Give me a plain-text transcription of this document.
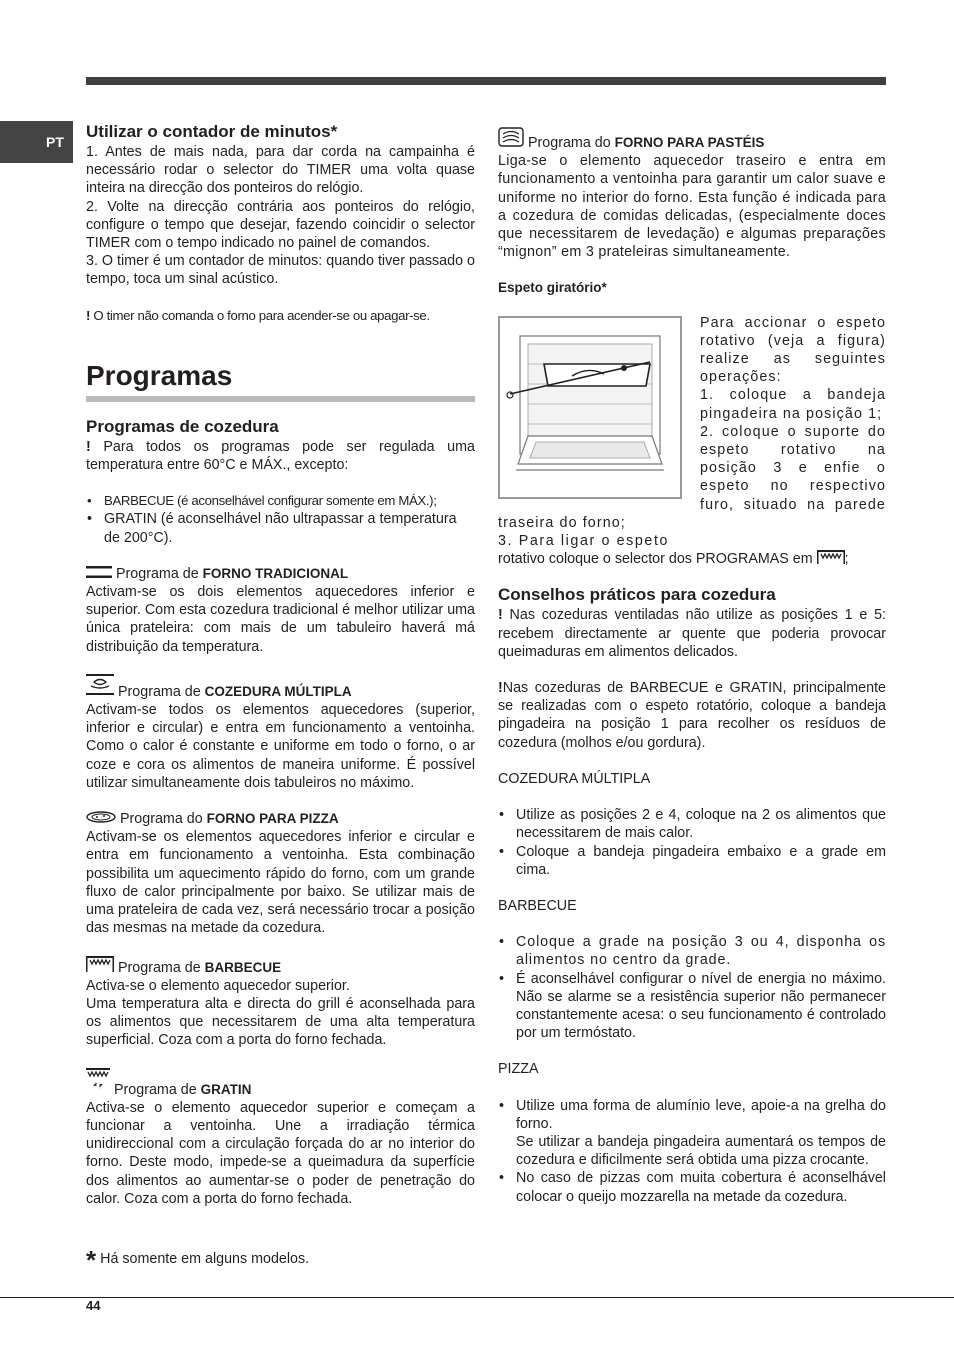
PT

Utilizar o contador de minutos*

1. Antes de mais nada, para dar corda na campainha é necessário rodar o selector do TIMER uma volta quase inteira na direcção dos ponteiros do relógio.

2. Volte na direcção contrária aos ponteiros do relógio, configure o tempo que desejar, fazendo coincidir o selector TIMER com o tempo indicado no painel de comandos.

3. O timer é um contador de minutos: quando tiver passado o tempo, toca um sinal acústico.

! O timer não comanda o forno para acender-se ou apagar-se.

Programas

Programas de cozedura

! Para todos os programas pode ser regulada uma temperatura entre 60°C e MÁX., excepto:

• BARBECUE (é aconselhável configurar somente em MÁX.);
• GRATIN (é aconselhável não ultrapassar a temperatura de 200°C).

Programa de FORNO TRADICIONAL

Activam-se os dois elementos aquecedores inferior e superior. Com esta cozedura tradicional é melhor utilizar uma única prateleira: com mais de um tabuleiro haverá má distribuição da temperatura.

Programa de COZEDURA MÚLTIPLA

Activam-se todos os elementos aquecedores (superior, inferior e circular) e entra em funcionamento a ventoinha. Como o calor é constante e uniforme em todo o forno, o ar coze e cora os alimentos de maneira uniforme. É possível utilizar simultaneamente dois tabuleiros no máximo.

Programa do FORNO PARA PIZZA

Activam-se os elementos aquecedores inferior e circular e entra em funcionamento a ventoinha. Esta combinação possibilita um aquecimento rápido do forno, com um grande fluxo de calor principalmente por baixo. Se utilizar mais de uma prateleira de cada vez, será necessário trocar a posição das mesmas na metade da cozedura.

Programa de BARBECUE

Activa-se o elemento aquecedor superior.

Uma temperatura alta e directa do grill é aconselhada para os alimentos que necessitarem de uma alta temperatura superficial. Coza com a porta do forno fechada.

Programa de GRATIN

Activa-se o elemento aquecedor superior e começam a funcionar a ventoinha. Une a irradiação térmica unidireccional com a circulação forçada do ar no interior do forno. Deste modo, impede-se a queimadura da superfície dos alimentos ao aumentar-se o poder de penetração do calor. Coza com a porta do forno fechada.

Programa do FORNO PARA PASTÉIS

Liga-se o elemento aquecedor traseiro e entra em funcionamento a ventoinha para garantir um calor suave e uniforme no interior do forno. Esta função é indicada para a cozedura de comidas delicadas, (especialmente doces que necessitarem de levedação) e algumas preparações “mignon” em 3 prateleiras simultaneamente.

Espeto giratório*

Para accionar o espeto rotativo (veja a figura) realize as seguintes operações:

1. coloque a bandeja pingadeira na posição 1;

2. coloque o suporte do espeto rotativo na posição 3 e enfie o espeto no respectivo furo, situado na parede traseira do forno;

3. Para ligar o espeto

rotativo coloque o selector dos PROGRAMAS em ;

Conselhos práticos para cozedura

! Nas cozeduras ventiladas não utilize as posições 1 e 5: recebem directamente ar quente que poderia provocar queimaduras em alimentos delicados.

!Nas cozeduras de BARBECUE e GRATIN, principalmente se realizadas com o espeto rotatório, coloque a bandeja pingadeira na posição 1 para recolher os resíduos de cozedura (molhos e/ou gordura).

COZEDURA MÚLTIPLA

• Utilize as posições 2 e 4, coloque na 2 os alimentos que necessitarem de mais calor.
• Coloque a bandeja pingadeira embaixo e a grade em cima.

BARBECUE

• Coloque a grade na posição 3 ou 4, disponha os alimentos no centro da grade.
• É aconselhável configurar o nível de energia no máximo. Não se alarme se a resistência superior não permanecer constantemente acesa: o seu funcionamento é controlado por um termóstato.

PIZZA

• Utilize uma forma de alumínio leve, apoie-a na grelha do forno.
Se utilizar a bandeja pingadeira aumentará os tempos de cozedura e dificilmente será obtida uma pizza crocante.
• No caso de pizzas com muita cobertura é aconselhável colocar o queijo mozzarella na metade da cozedura.
* Há somente em alguns modelos.
44
